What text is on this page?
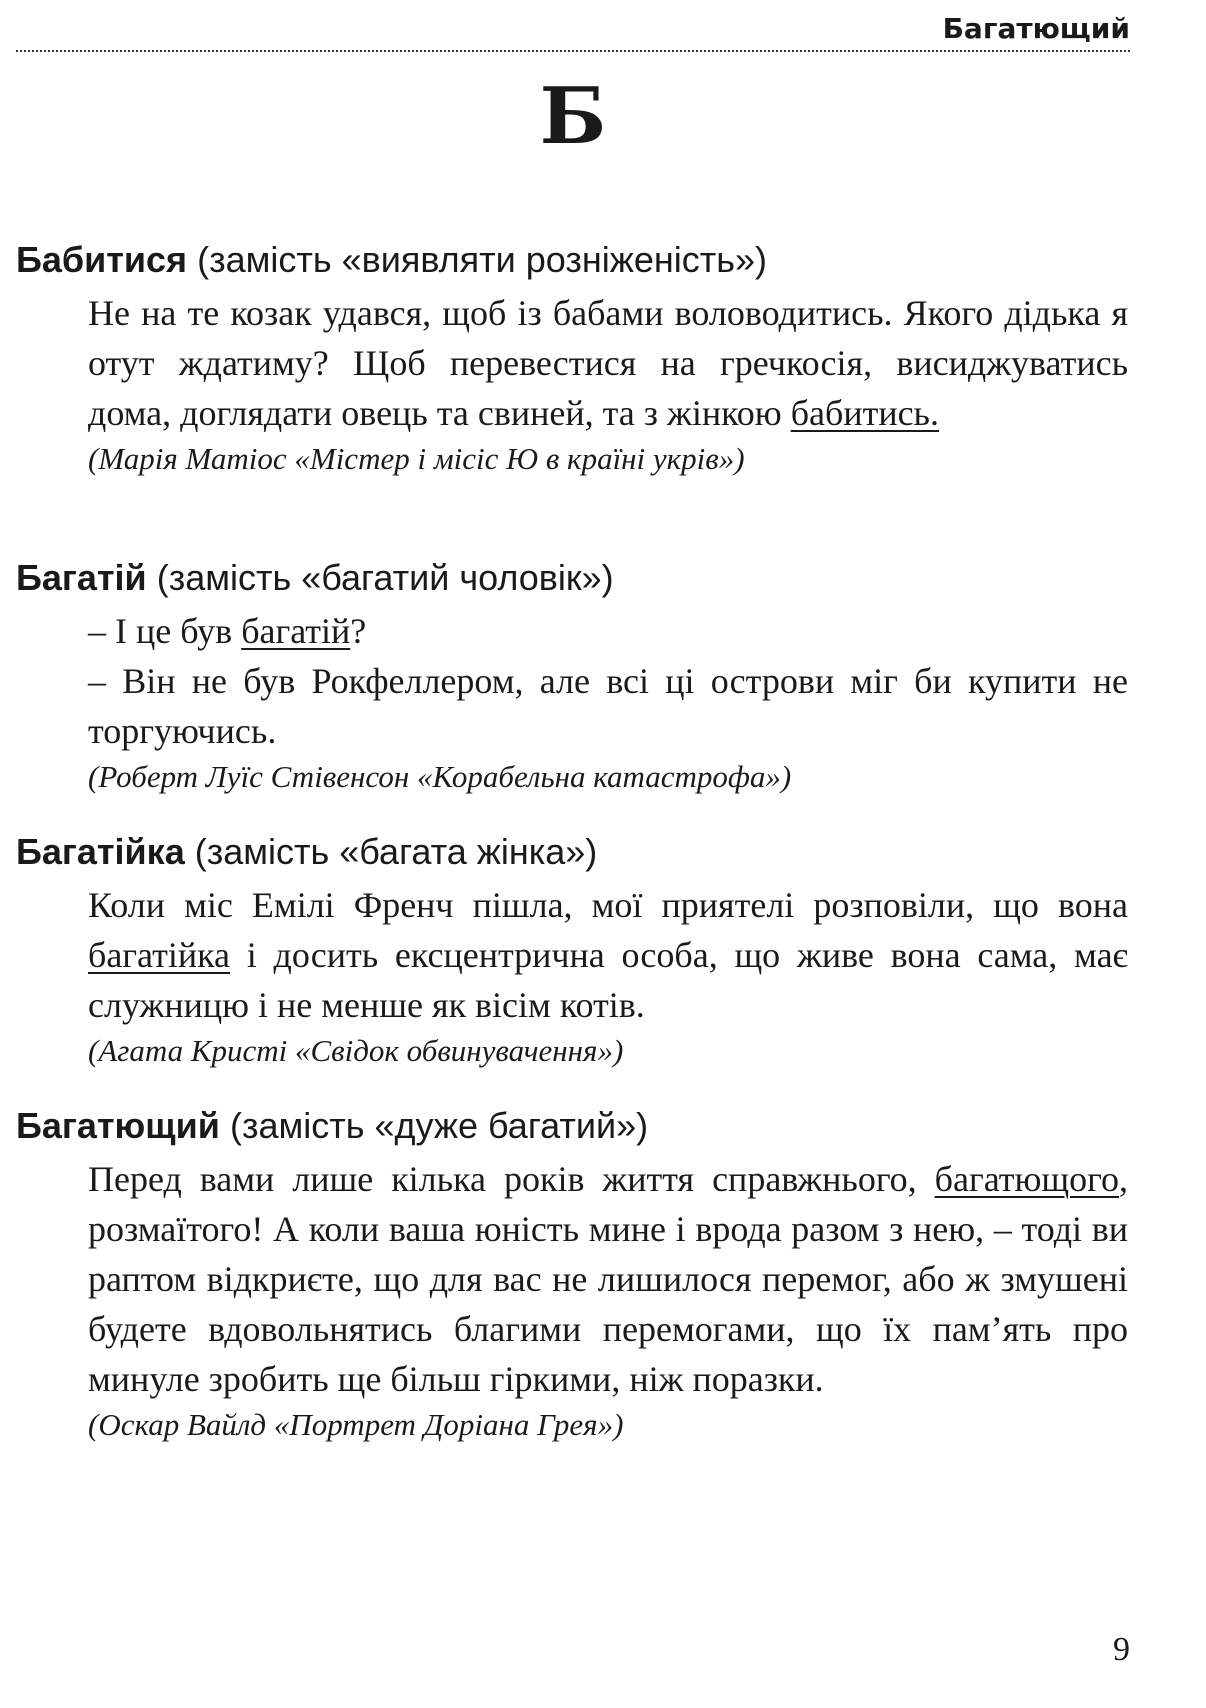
Багатющий
Б
Бабитися (замість «виявляти розніженість»)

Не на те козак удався, щоб із бабами воловодитись. Якого дідька я отут ждатиму? Щоб перевестися на гречкосія, висиджуватись дома, доглядати овець та свиней, та з жінкою бабитись.

(Марія Матіос «Містер і місіс Ю в країні укрів»)
Багатій (замість «багатий чоловік»)

– І це був багатій?

– Він не був Рокфеллером, але всі ці острови міг би купити не торгуючись.

(Роберт Луїс Стівенсон «Корабельна катастрофа»)
Багатійка (замість «багата жінка»)

Коли міс Емілі Френч пішла, мої приятелі розповіли, що вона багатійка і досить ексцентрична особа, що живе вона сама, має служницю і не менше як вісім котів.

(Агата Кристі «Свідок обвинувачення»)
Багатющий (замість «дуже багатий»)

Перед вами лише кілька років життя справжнього, багатющого, розмаїтого! А коли ваша юність мине і врода разом з нею, – тоді ви раптом відкриєте, що для вас не лишилося перемог, або ж змушені будете вдовольнятись благими перемогами, що їх пам’ять про минуле зробить ще більш гіркими, ніж поразки.

(Оскар Вайлд «Портрет Доріана Грея»)
9
